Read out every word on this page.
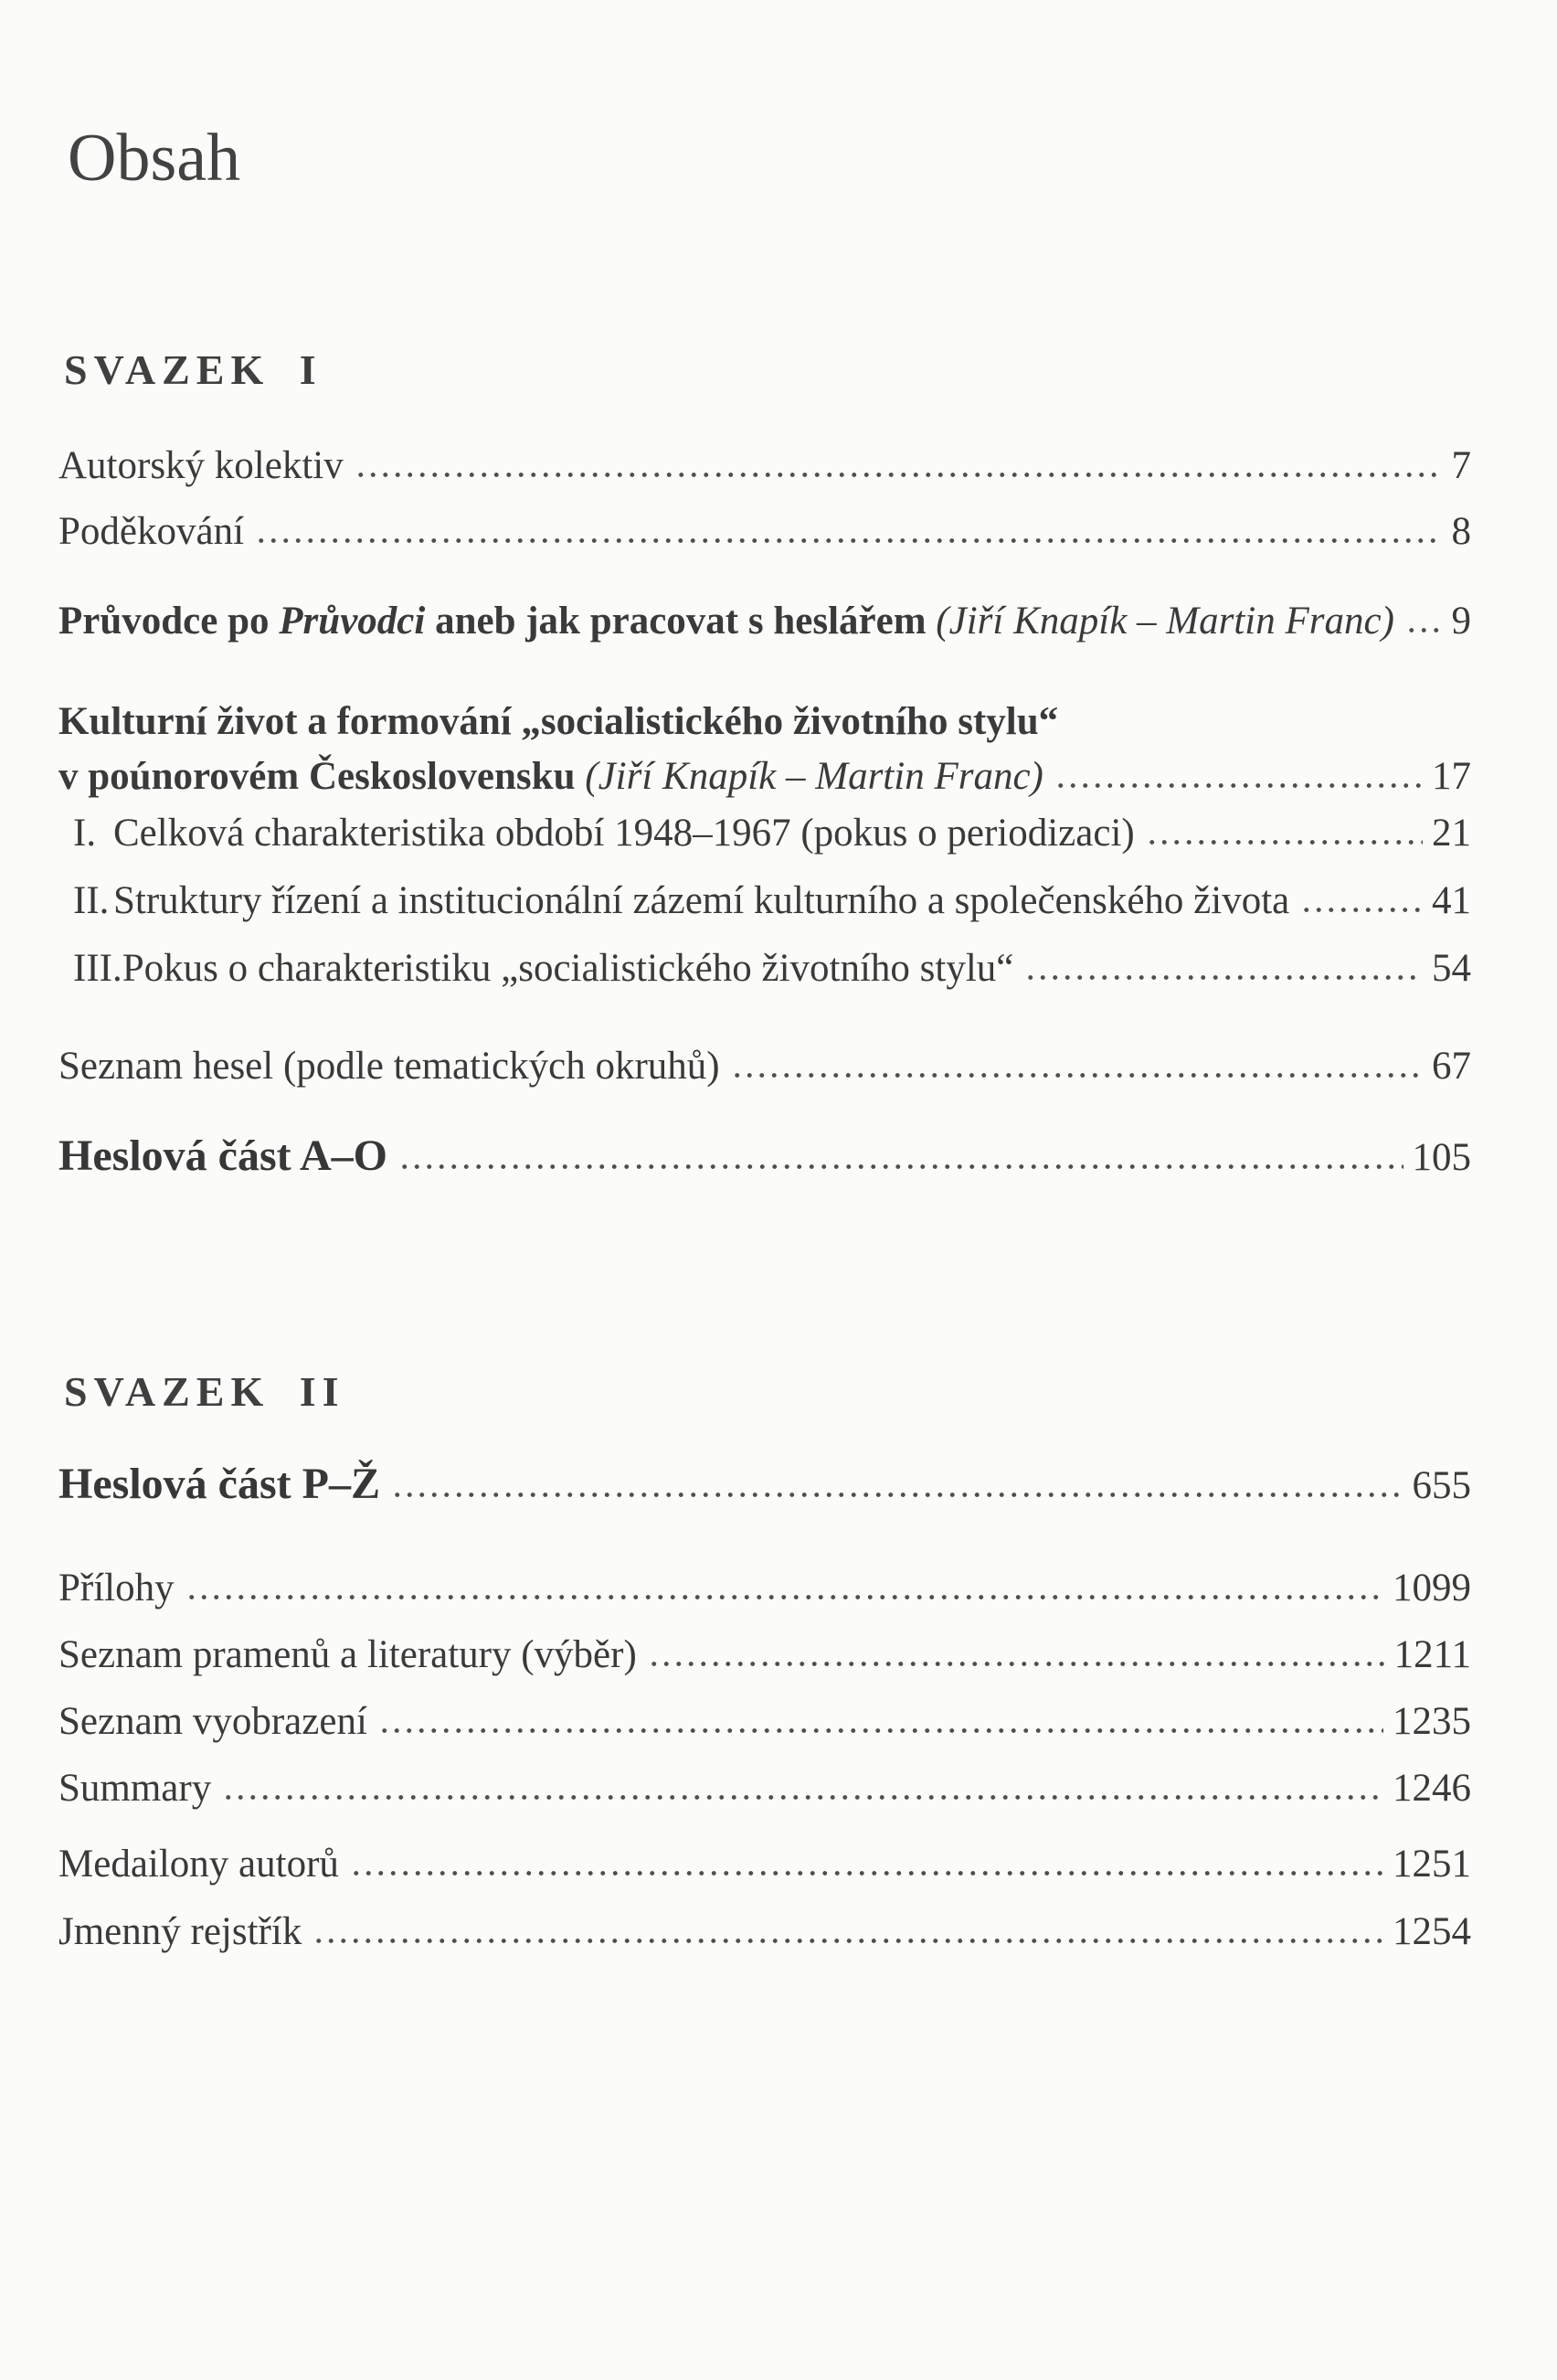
Obsah
SVAZEK I
Autorský kolektiv	7
Poděkování	8
Průvodce po Průvodci aneb jak pracovat s heslářem (Jiří Knapík – Martin Franc) 9
Kulturní život a formování „socialistického životního stylu“
v poúnorovém Československu (Jiří Knapík – Martin Franc)	17
I. Celková charakteristika období 1948–1967 (pokus o periodizaci)	21
II. Struktury řízení a institucionální zázemí kulturního a společenského života	41
III. Pokus o charakteristiku „socialistického životního stylu“	54
Seznam hesel (podle tematických okruhů)	67
Heslová část A–O	105
SVAZEK II
Heslová část P–Ž	655
Přílohy	1099
Seznam pramenů a literatury (výběr)	1211
Seznam vyobrazení	1235
Summary	1246
Medailony autorů	1251
Jmenný rejstřík	1254
